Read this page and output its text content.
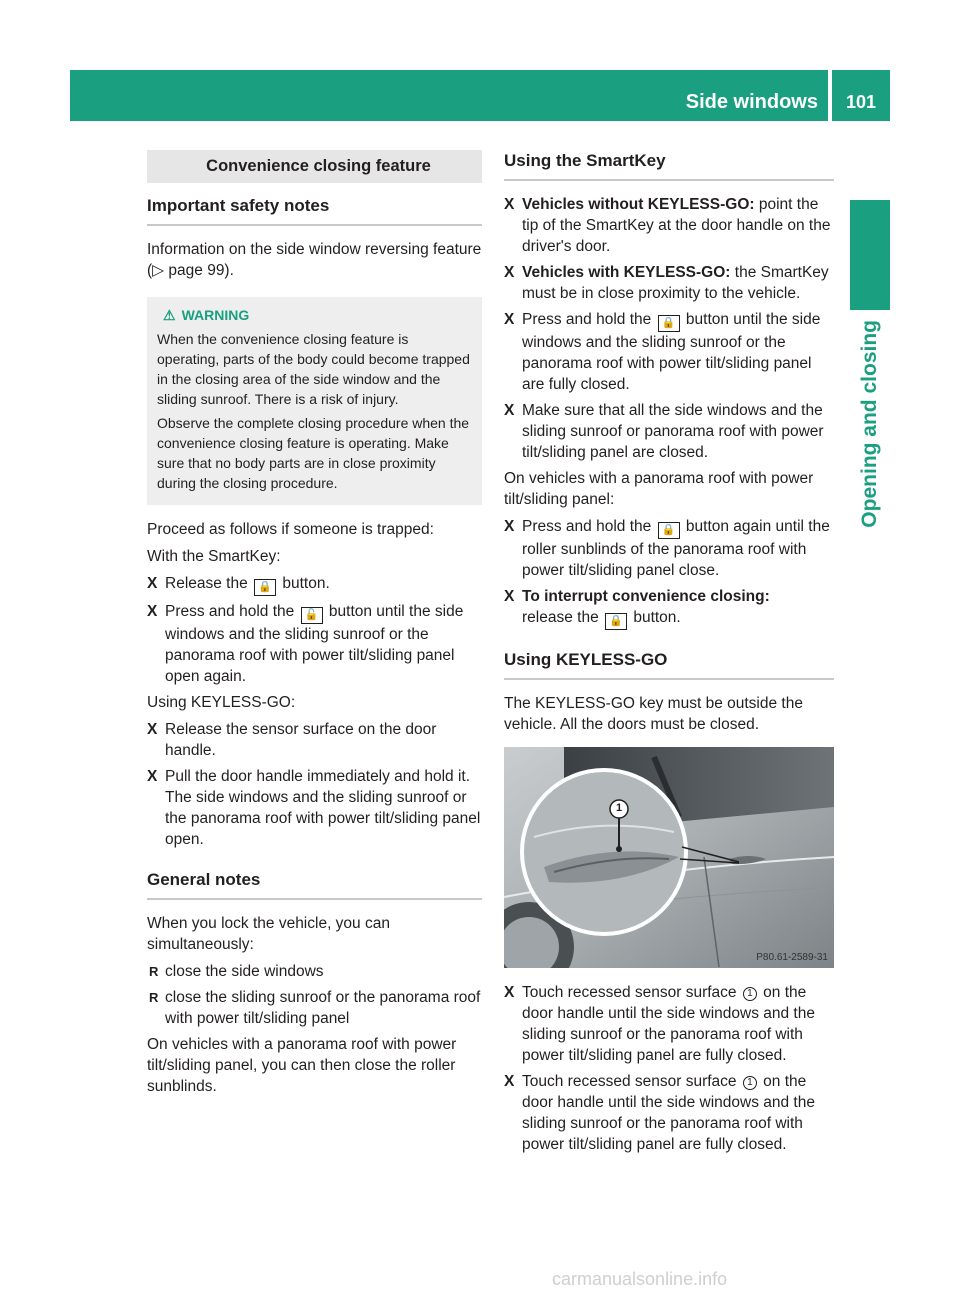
Side windows	101
Opening and closing
Convenience closing feature
Important safety notes

Information on the side window reversing feature (▷ page 99).

⚠ WARNING

When the convenience closing feature is operating, parts of the body could become trapped in the closing area of the side window and the sliding sunroof. There is a risk of injury.

Observe the complete closing procedure when the convenience closing feature is operating. Make sure that no body parts are in close proximity during the closing procedure.

Proceed as follows if someone is trapped:

With the SmartKey:

X Release the 🔒 button.
X Press and hold the 🔓 button until the side windows and the sliding sunroof or the panorama roof with power tilt/sliding panel open again.

Using KEYLESS-GO:

X Release the sensor surface on the door handle.
X Pull the door handle immediately and hold it.
The side windows and the sliding sunroof or the panorama roof with power tilt/sliding panel open.
General notes

When you lock the vehicle, you can simultaneously:

R close the side windows
R close the sliding sunroof or the panorama roof with power tilt/sliding panel

On vehicles with a panorama roof with power tilt/sliding panel, you can then close the roller sunblinds.

Using the SmartKey
X Vehicles without KEYLESS-GO: point the tip of the SmartKey at the door handle on the driver's door.
X Vehicles with KEYLESS-GO: the SmartKey must be in close proximity to the vehicle.
X Press and hold the 🔒 button until the side windows and the sliding sunroof or the panorama roof with power tilt/sliding panel are fully closed.
X Make sure that all the side windows and the sliding sunroof or panorama roof with power tilt/sliding panel are closed.

On vehicles with a panorama roof with power tilt/sliding panel:

X Press and hold the 🔒 button again until the roller sunblinds of the panorama roof with power tilt/sliding panel close.
X To interrupt convenience closing:
release the 🔒 button.
Using KEYLESS-GO

The KEYLESS-GO key must be outside the vehicle. All the doors must be closed.

1
P80.61-2589-31
X Touch recessed sensor surface 1 on the door handle until the side windows and the sliding sunroof or the panorama roof with power tilt/sliding panel are fully closed.
X Touch recessed sensor surface 1 on the door handle until the side windows and the sliding sunroof or the panorama roof with power tilt/sliding panel are fully closed.
carmanualsonline.info
